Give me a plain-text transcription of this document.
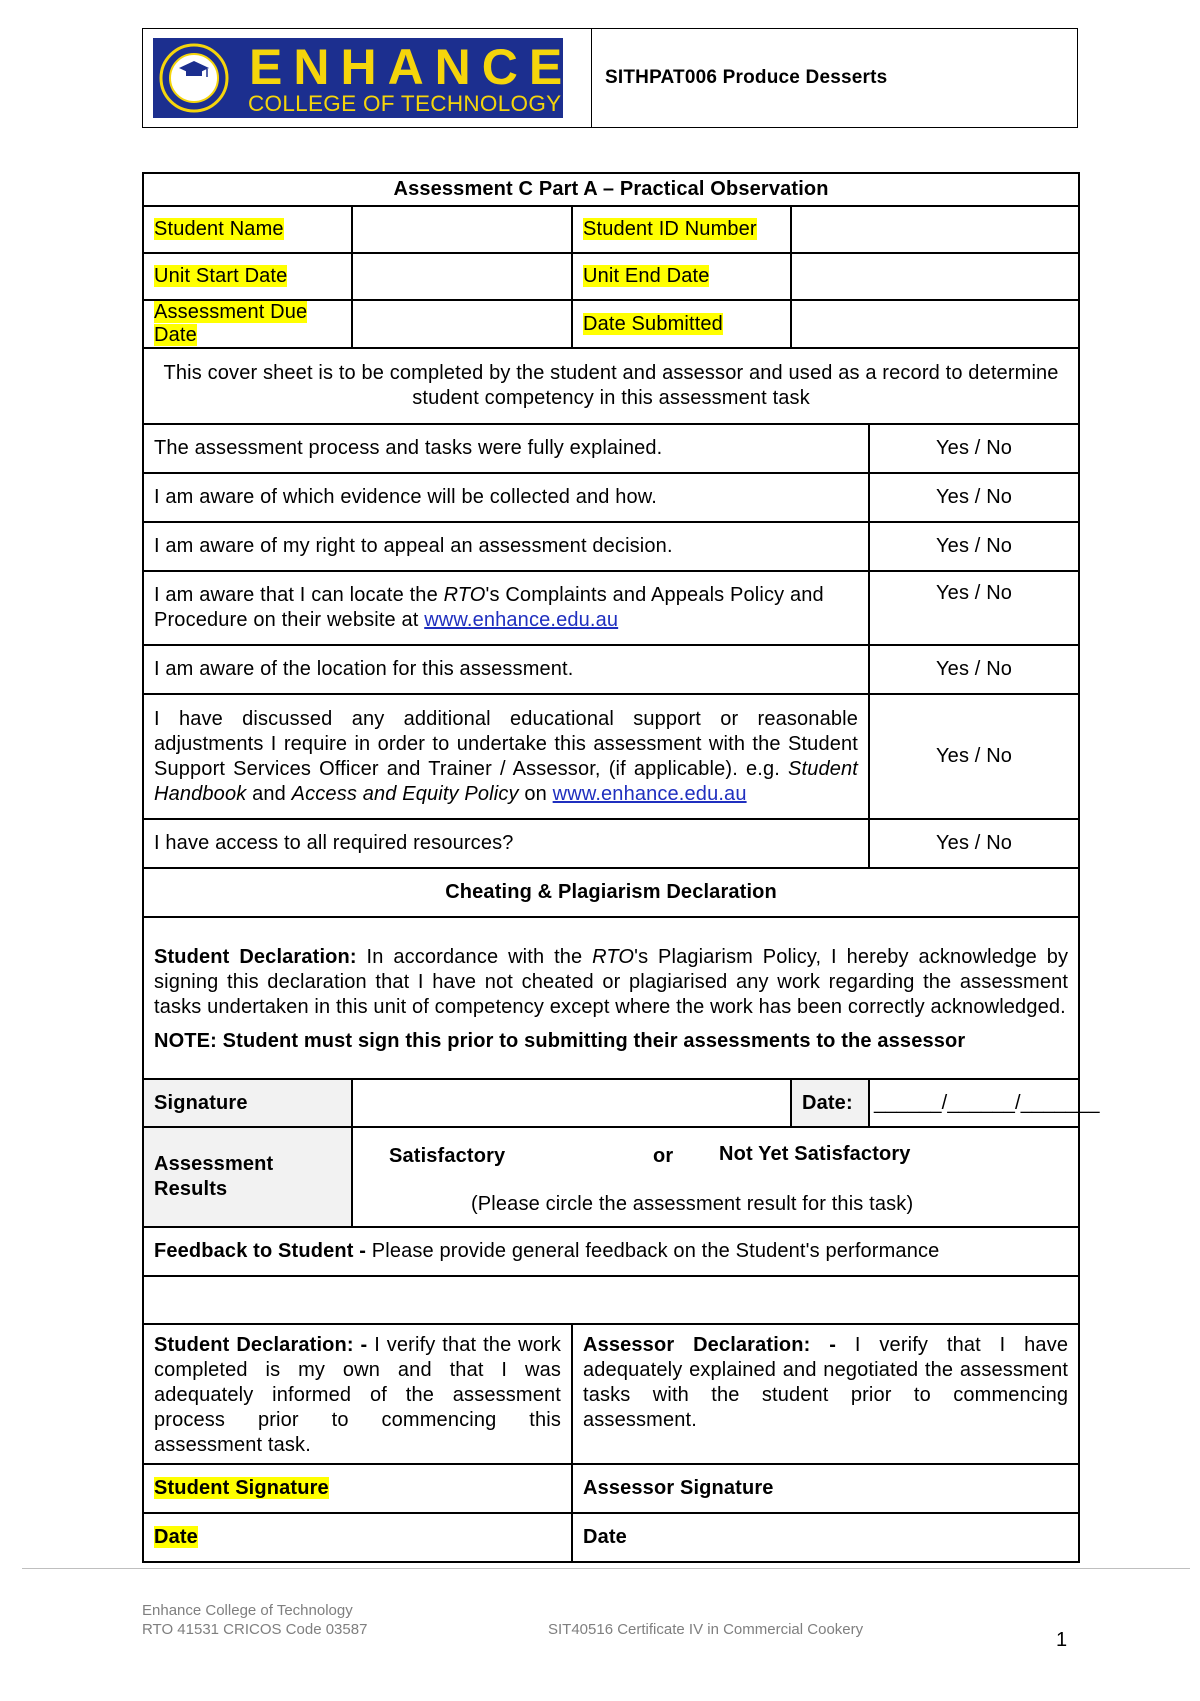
ENHANCE
COLLEGE OF TECHNOLOGY
	SITHPAT006 Produce Desserts
Assessment C Part A – Practical Observation				
Student Name		Student ID Number		
Unit Start Date		Unit End Date		
Assessment Due Date		Date Submitted		
This cover sheet is to be completed by the student and assessor and used as a record to determine student competency in this assessment task				
The assessment process and tasks were fully explained.				Yes / No
I am aware of which evidence will be collected and how.				Yes / No
I am aware of my right to appeal an assessment decision.				Yes / No
I am aware that I can locate the RTO's Complaints and Appeals Policy and Procedure on their website at www.enhance.edu.au				Yes / No
I am aware of the location for this assessment.				Yes / No
I have discussed any additional educational support or reasonable adjustments I require in order to undertake this assessment with the Student Support Services Officer and Trainer / Assessor, (if applicable). e.g. Student Handbook and Access and Equity Policy on www.enhance.edu.au				Yes / No
I have access to all required resources?				Yes / No
Cheating & Plagiarism Declaration				

Student Declaration: In accordance with the RTO's Plagiarism Policy, I hereby acknowledge by signing this declaration that I have not cheated or plagiarised any work regarding the assessment tasks undertaken in this unit of competency except where the work has been correctly acknowledged.
NOTE: Student must sign this prior to submitting their assessments to the assessor				

Signature			Date:	______/______/_______
Assessment Results	Satisfactory or Not Yet Satisfactory
(Please circle the assessment result for this task)			

Feedback to Student - Please provide general feedback on the Student's performance				

Student Declaration: - I verify that the work completed is my own and that I was adequately informed of the assessment process prior to commencing this assessment task.		Assessor Declaration: - I verify that I have adequately explained and negotiated the assessment tasks with the student prior to commencing assessment.		
Student Signature		Assessor Signature		
Date		Date		
Enhance College of Technology
RTO 41531 CRICOS Code 03587	SIT40516 Certificate IV in Commercial Cookery	1
